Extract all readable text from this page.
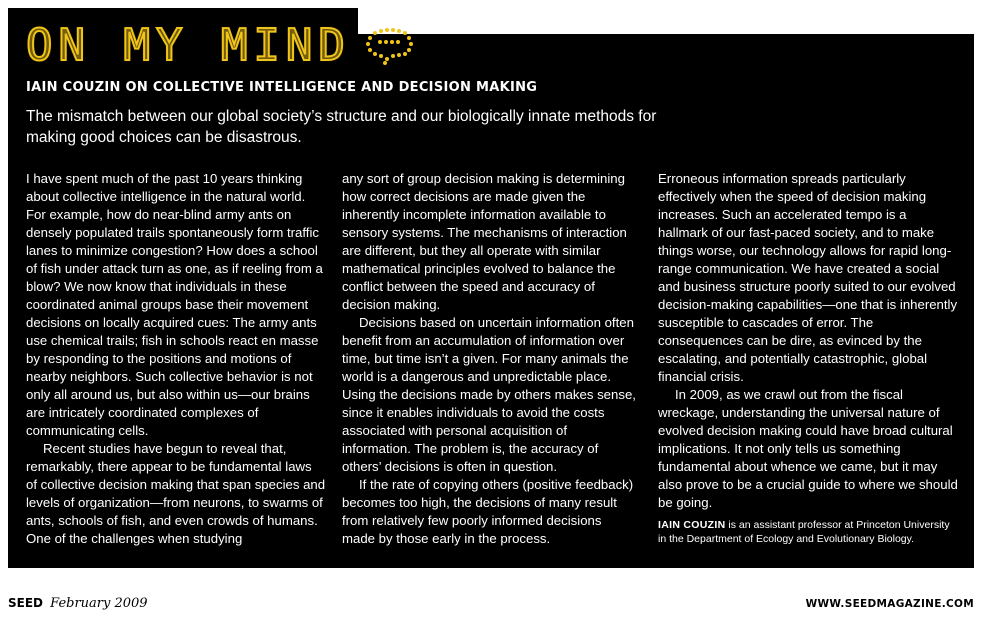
ON MY MIND
IAIN COUZIN ON COLLECTIVE INTELLIGENCE AND DECISION MAKING
The mismatch between our global society’s structure and our biologically innate methods for making good choices can be disastrous.

I have spent much of the past 10 years thinking about collective intelligence in the natural world. For example, how do near-blind army ants on densely populated trails spontaneously form traffic lanes to minimize congestion? How does a school of fish under attack turn as one, as if reeling from a blow? We now know that individuals in these coordinated animal groups base their movement decisions on locally acquired cues: The army ants use chemical trails; fish in schools react en masse by responding to the positions and motions of nearby neighbors. Such collective behavior is not only all around us, but also within us—our brains are intricately coordinated complexes of communicating cells.

Recent studies have begun to reveal that, remarkably, there appear to be fundamental laws of collective decision making that span species and levels of organization—from neurons, to swarms of ants, schools of fish, and even crowds of humans. One of the challenges when studying

any sort of group decision making is determining how correct decisions are made given the inherently incomplete information available to sensory systems. The mechanisms of interaction are different, but they all operate with similar mathematical principles evolved to balance the conflict between the speed and accuracy of decision making.

Decisions based on uncertain information often benefit from an accumulation of information over time, but time isn’t a given. For many animals the world is a dangerous and unpredictable place. Using the decisions made by others makes sense, since it enables individuals to avoid the costs associated with personal acquisition of information. The problem is, the accuracy of others’ decisions is often in question.

If the rate of copying others (positive feedback) becomes too high, the decisions of many result from relatively few poorly informed decisions made by those early in the process.

Erroneous information spreads particularly effectively when the speed of decision making increases. Such an accelerated tempo is a hallmark of our fast-paced society, and to make things worse, our technology allows for rapid long-range communication. We have created a social and business structure poorly suited to our evolved decision-making capabilities—one that is inherently susceptible to cascades of error. The consequences can be dire, as evinced by the escalating, and potentially catastrophic, global financial crisis.

In 2009, as we crawl out from the fiscal wreckage, understanding the universal nature of evolved decision making could have broad cultural implications. It not only tells us something fundamental about whence we came, but it may also prove to be a crucial guide to where we should be going.

IAIN COUZIN is an assistant professor at Princeton University in the Department of Ecology and Evolutionary Biology.

SEED February 2009	WWW.SEEDMAGAZINE.COM
